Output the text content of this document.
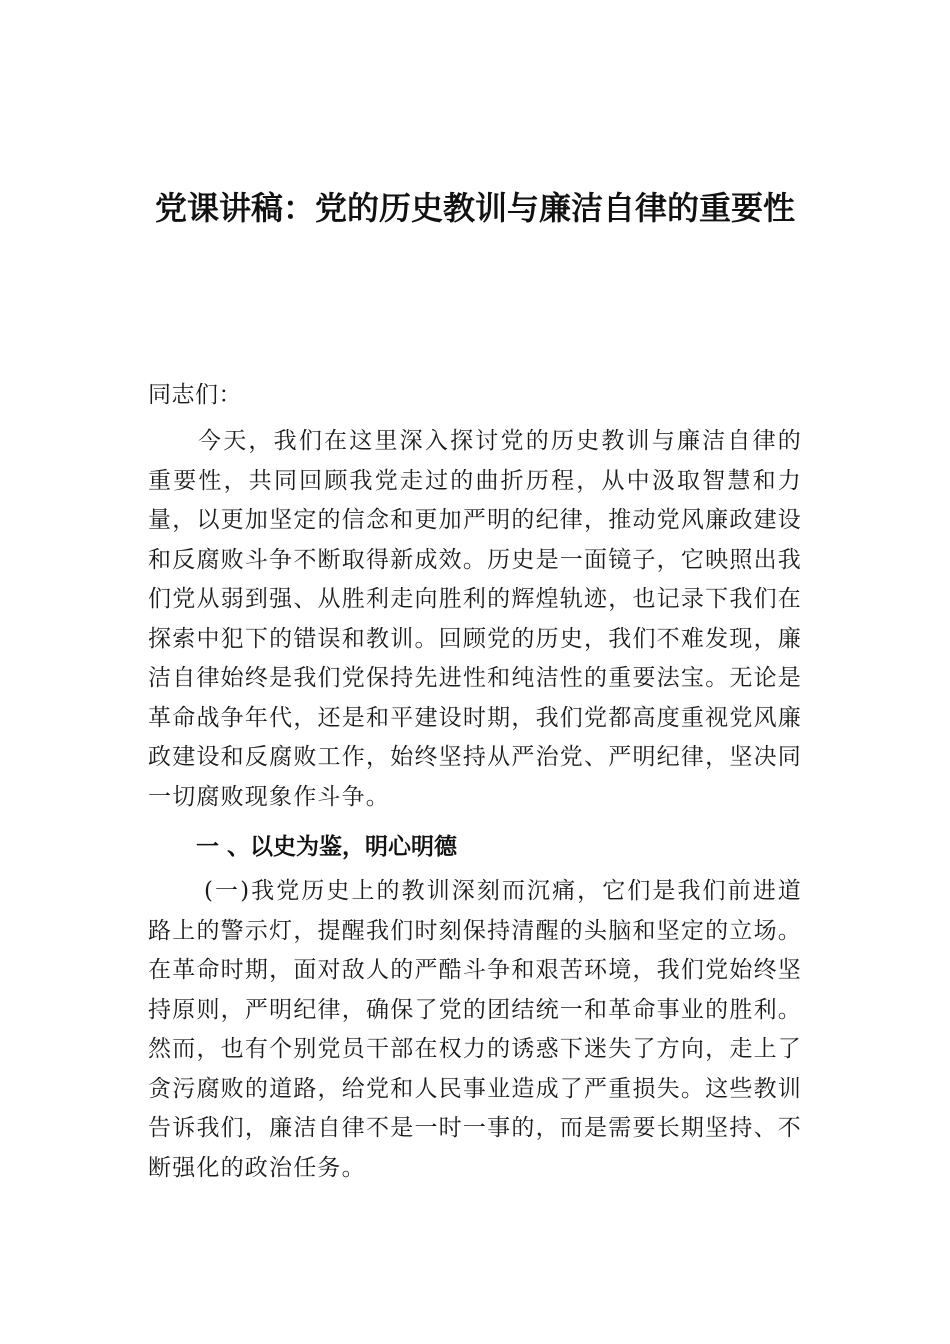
党课讲稿：党的历史教训与廉洁自律的重要性

同志们：

今天，我们在这里深入探讨党的历史教训与廉洁自律的重要性，共同回顾我党走过的曲折历程，从中汲取智慧和力量，以更加坚定的信念和更加严明的纪律，推动党风廉政建设和反腐败斗争不断取得新成效。历史是一面镜子，它映照出我们党从弱到强、从胜利走向胜利的辉煌轨迹，也记录下我们在探索中犯下的错误和教训。回顾党的历史，我们不难发现，廉洁自律始终是我们党保持先进性和纯洁性的重要法宝。无论是革命战争年代，还是和平建设时期，我们党都高度重视党风廉政建设和反腐败工作，始终坚持从严治党、严明纪律，坚决同一切腐败现象作斗争。

一 、以史为鉴，明心明德

(一)我党历史上的教训深刻而沉痛，它们是我们前进道路上的警示灯，提醒我们时刻保持清醒的头脑和坚定的立场。在革命时期，面对敌人的严酷斗争和艰苦环境，我们党始终坚持原则，严明纪律，确保了党的团结统一和革命事业的胜利。然而，也有个别党员干部在权力的诱惑下迷失了方向，走上了贪污腐败的道路，给党和人民事业造成了严重损失。这些教训告诉我们，廉洁自律不是一时一事的，而是需要长期坚持、不断强化的政治任务。
